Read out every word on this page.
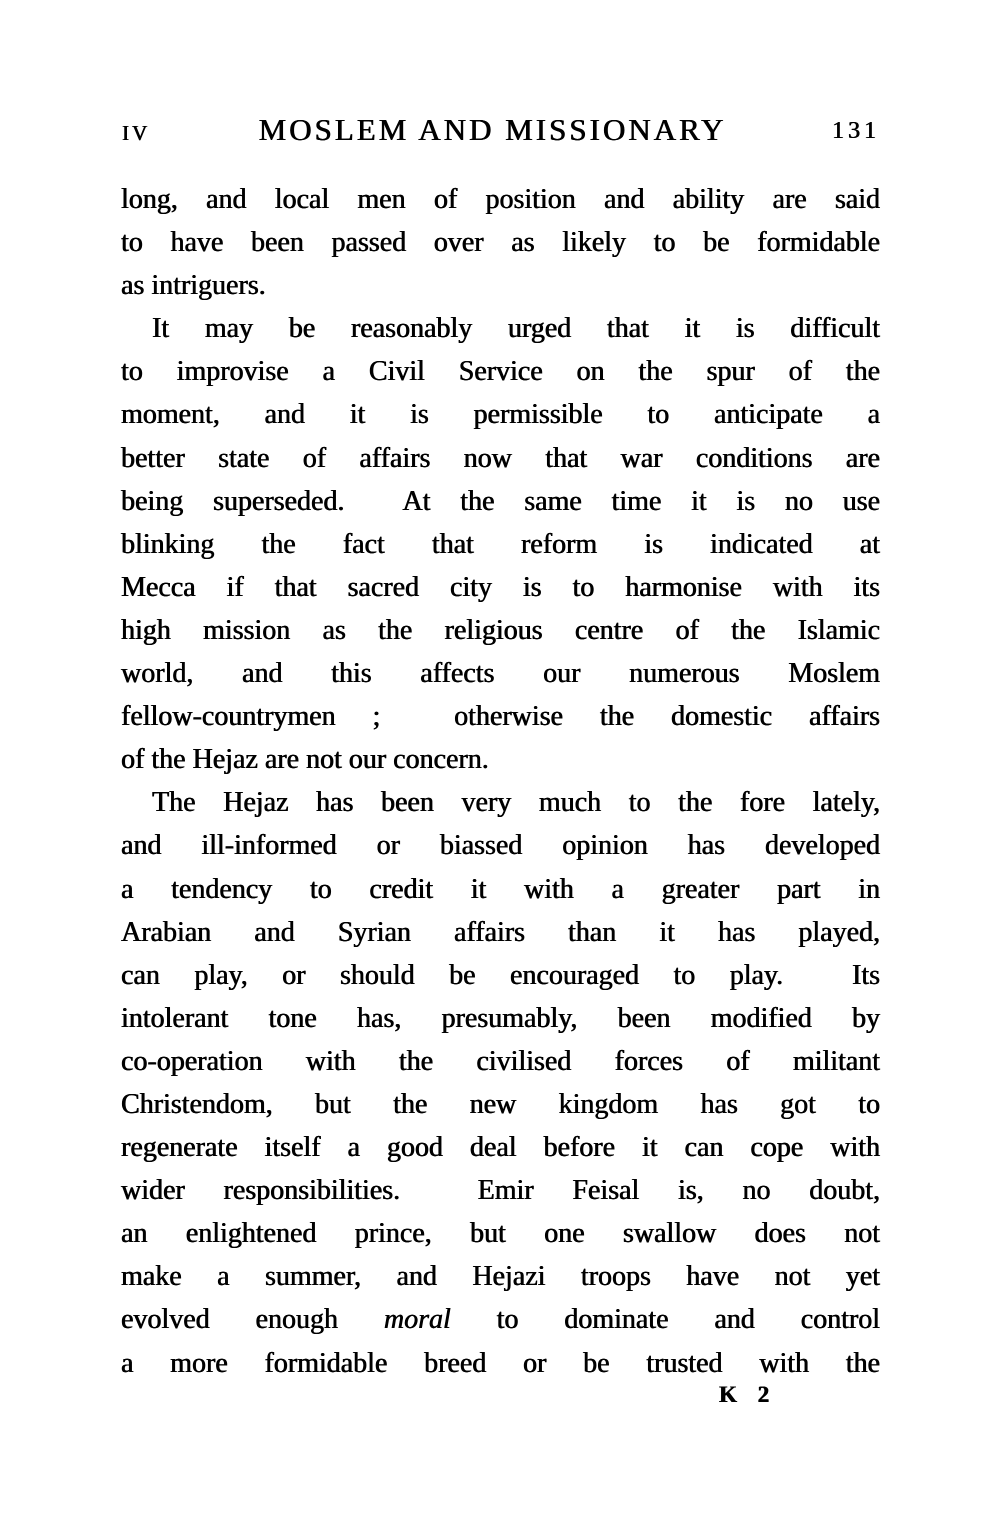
IV	MOSLEM AND MISSIONARY	131
long, and local men of position and ability are said
to have been passed over as likely to be formidable
as intriguers.
It may be reasonably urged that it is difficult
to improvise a Civil Service on the spur of the
moment, and it is permissible to anticipate a
better state of affairs now that war conditions are
being superseded.  At the same time it is no use
blinking the fact that reform is indicated at
Mecca if that sacred city is to harmonise with its
high mission as the religious centre of the Islamic
world, and this affects our numerous Moslem
fellow-countrymen ;  otherwise the domestic affairs
of the Hejaz are not our concern.
The Hejaz has been very much to the fore lately,
and ill-informed or biassed opinion has developed
a tendency to credit it with a greater part in
Arabian and Syrian affairs than it has played,
can play, or should be encouraged to play.  Its
intolerant tone has, presumably, been modified by
co-operation with the civilised forces of militant
Christendom, but the new kingdom has got to
regenerate itself a good deal before it can cope with
wider responsibilities.  Emir Feisal is, no doubt,
an enlightened prince, but one swallow does not
make a summer, and Hejazi troops have not yet
evolved enough moral to dominate and control
a more formidable breed or be trusted with the
K 2
